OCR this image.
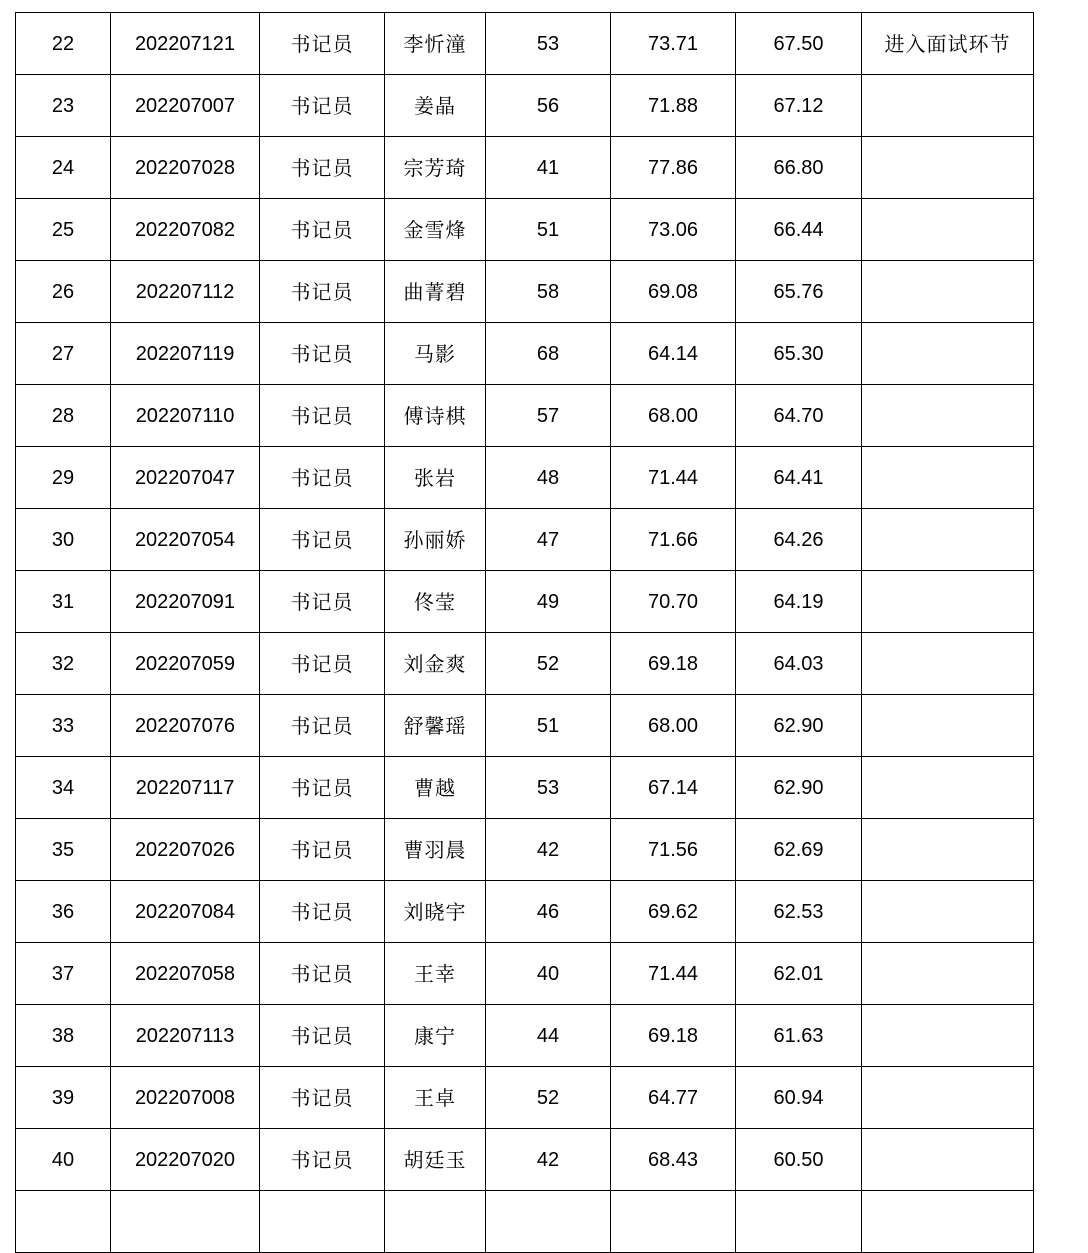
22	202207121	书记员	李忻潼	53	73.71	67.50	进入面试环节
23	202207007	书记员	姜晶	56	71.88	67.12	
24	202207028	书记员	宗芳琦	41	77.86	66.80	
25	202207082	书记员	金雪烽	51	73.06	66.44	
26	202207112	书记员	曲菁碧	58	69.08	65.76	
27	202207119	书记员	马影	68	64.14	65.30	
28	202207110	书记员	傅诗棋	57	68.00	64.70	
29	202207047	书记员	张岩	48	71.44	64.41	
30	202207054	书记员	孙丽娇	47	71.66	64.26	
31	202207091	书记员	佟莹	49	70.70	64.19	
32	202207059	书记员	刘金爽	52	69.18	64.03	
33	202207076	书记员	舒馨瑶	51	68.00	62.90	
34	202207117	书记员	曹越	53	67.14	62.90	
35	202207026	书记员	曹羽晨	42	71.56	62.69	
36	202207084	书记员	刘晓宇	46	69.62	62.53	
37	202207058	书记员	王幸	40	71.44	62.01	
38	202207113	书记员	康宁	44	69.18	61.63	
39	202207008	书记员	王卓	52	64.77	60.94	
40	202207020	书记员	胡廷玉	42	68.43	60.50	
